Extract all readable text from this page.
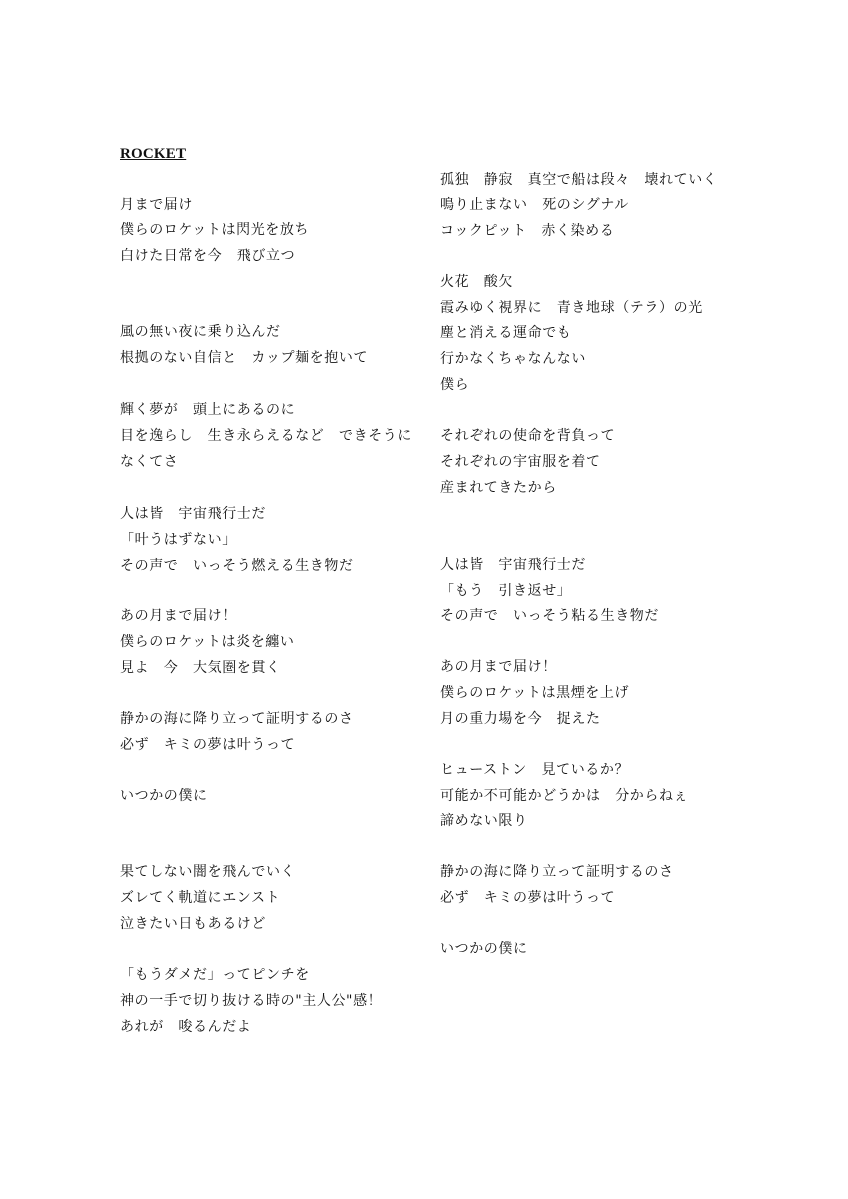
ROCKET
月まで届け
僕らのロケットは閃光を放ち
白けた日常を今　飛び立つ
風の無い夜に乗り込んだ
根拠のない自信と　カップ麺を抱いて
輝く夢が　頭上にあるのに
目を逸らし　生き永らえるなど　できそうに
なくてさ
人は皆　宇宙飛行士だ
「叶うはずない」
その声で　いっそう燃える生き物だ
あの月まで届け！
僕らのロケットは炎を纏い
見よ　今　大気圏を貫く
静かの海に降り立って証明するのさ
必ず　キミの夢は叶うって
いつかの僕に
果てしない闇を飛んでいく
ズレてく軌道にエンスト
泣きたい日もあるけど
「もうダメだ」ってピンチを
神の一手で切り抜ける時の"主人公"感！
あれが　唆るんだよ
孤独　静寂　真空で船は段々　壊れていく
鳴り止まない　死のシグナル
コックピット　赤く染める
火花　酸欠
霞みゆく視界に　青き地球（テラ）の光
塵と消える運命でも
行かなくちゃなんない
僕ら
それぞれの使命を背負って
それぞれの宇宙服を着て
産まれてきたから
人は皆　宇宙飛行士だ
「もう　引き返せ」
その声で　いっそう粘る生き物だ
あの月まで届け！
僕らのロケットは黒煙を上げ
月の重力場を今　捉えた
ヒューストン　見ているか？
可能か不可能かどうかは　分からねぇ
諦めない限り
静かの海に降り立って証明するのさ
必ず　キミの夢は叶うって
いつかの僕に
